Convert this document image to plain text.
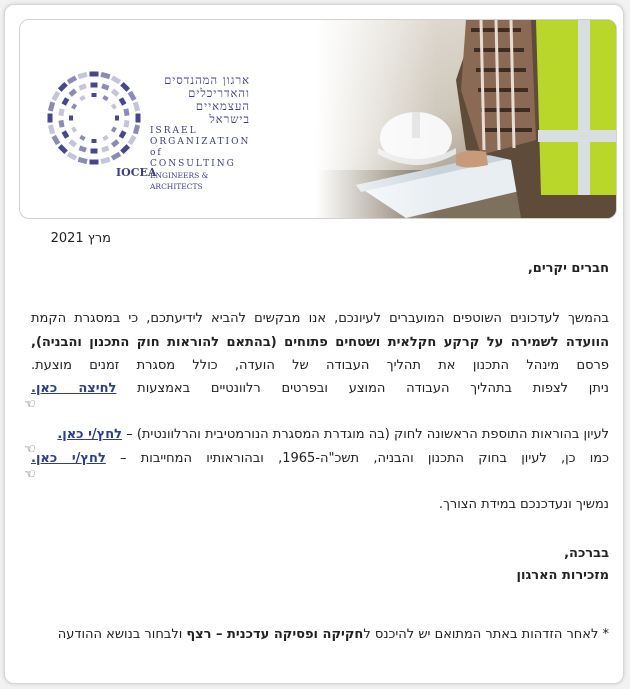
ארגון המהנדסים
והאדריכלים
העצמאיים
בישראל
ISRAEL
ORGANIZATION
of CONSULTING
ENGINEERS & ARCHITECTS
IOCEA
מרץ 2021
חברים יקרים,
בהמשך לעדכונים השוטפים המועברים לעיונכם, אנו מבקשים להביא לידיעתכם, כי במסגרת הקמת
הוועדה לשמירה על קרקע חקלאית ושטחים פתוחים (בהתאם להוראות חוק התכנון והבניה),
פרסם מינהל התכנון את תהליך העבודה של הועדה, כולל מסגרת זמנים מוצעת.
ניתן לצפות בתהליך העבודה המוצע ובפרטים רלוונטיים באמצעות לחיצה כאן.
לעיון בהוראות התוספת הראשונה לחוק (בה מוגדרת המסגרת הנורמטיבית והרלוונטית) – לחץ/י כאן.
כמו כן, לעיון בחוק התכנון והבניה, תשכ"ה-1965, ובהוראותיו המחייבות – לחץ/י כאן.
נמשיך ונעדכנכם במידת הצורך.
בברכה,
מזכירות הארגון
* לאחר הזדהות באתר המתואם יש להיכנס לחקיקה ופסיקה עדכנית – רצף ולבחור בנושא ההודעה
☜
☜
☜
